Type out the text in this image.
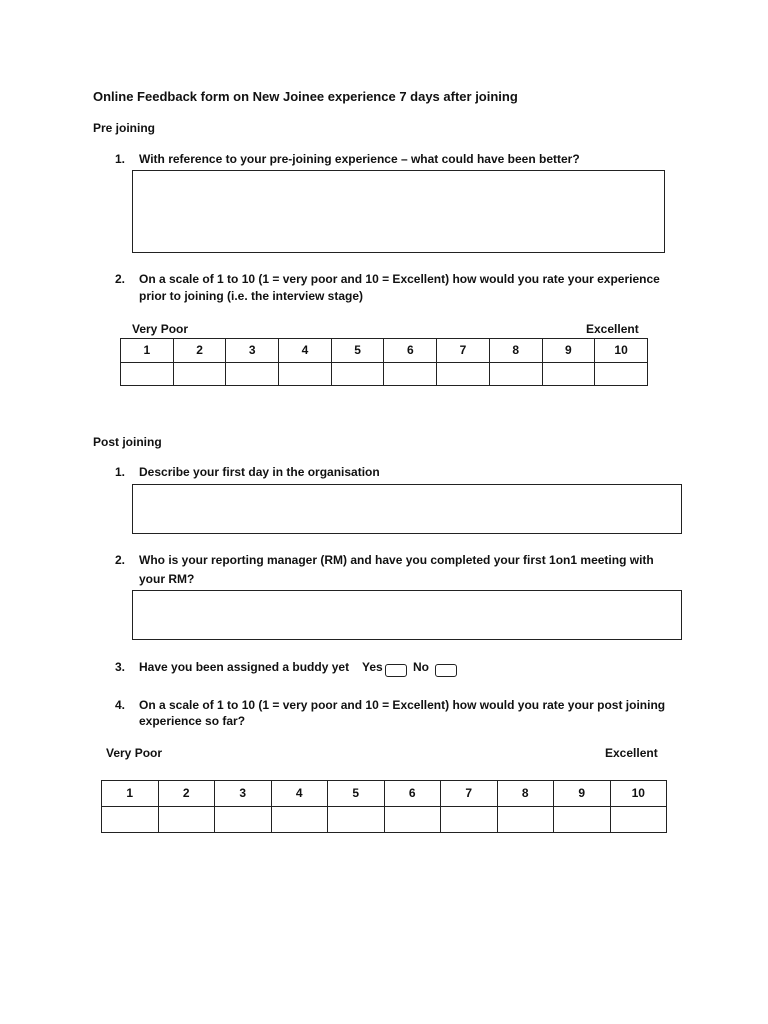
Online Feedback form on New Joinee experience 7 days after joining
Pre joining
1.	With reference to your pre-joining experience – what could have been better?
2.	On a scale of 1 to 10 (1 = very poor and 10 = Excellent) how would you rate your experience
prior to joining (i.e. the interview stage)
Very Poor	Excellent
1	2	3	4	5	6	7	8	9	10

Post joining
1.	Describe your first day in the organisation
2.	Who is your reporting manager (RM) and have you completed your first 1on1 meeting with
your RM?
3.	Have you been assigned a buddy yet Yes	No
4.	On a scale of 1 to 10 (1 = very poor and 10 = Excellent) how would you rate your post joining
experience so far?
Very Poor	Excellent
1	2	3	4	5	6	7	8	9	10
